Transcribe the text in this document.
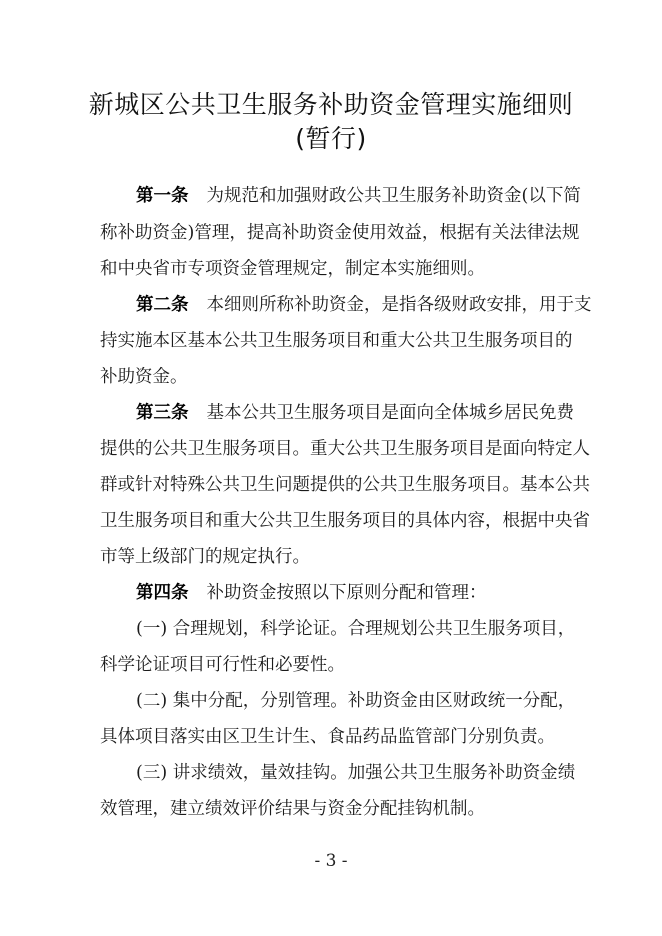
新城区公共卫生服务补助资金管理实施细则
(暂行)
第一条 为规范和加强财政公共卫生服务补助资金(以下简
称补助资金)管理，提高补助资金使用效益，根据有关法律法规
和中央省市专项资金管理规定，制定本实施细则。
第二条 本细则所称补助资金，是指各级财政安排，用于支
持实施本区基本公共卫生服务项目和重大公共卫生服务项目的
补助资金。
第三条 基本公共卫生服务项目是面向全体城乡居民免费
提供的公共卫生服务项目。重大公共卫生服务项目是面向特定人
群或针对特殊公共卫生问题提供的公共卫生服务项目。基本公共
卫生服务项目和重大公共卫生服务项目的具体内容，根据中央省
市等上级部门的规定执行。
第四条 补助资金按照以下原则分配和管理：
(一) 合理规划，科学论证。合理规划公共卫生服务项目，
科学论证项目可行性和必要性。
(二) 集中分配，分别管理。补助资金由区财政统一分配，
具体项目落实由区卫生计生、食品药品监管部门分别负责。
(三) 讲求绩效，量效挂钩。加强公共卫生服务补助资金绩
效管理，建立绩效评价结果与资金分配挂钩机制。
- 3 -
